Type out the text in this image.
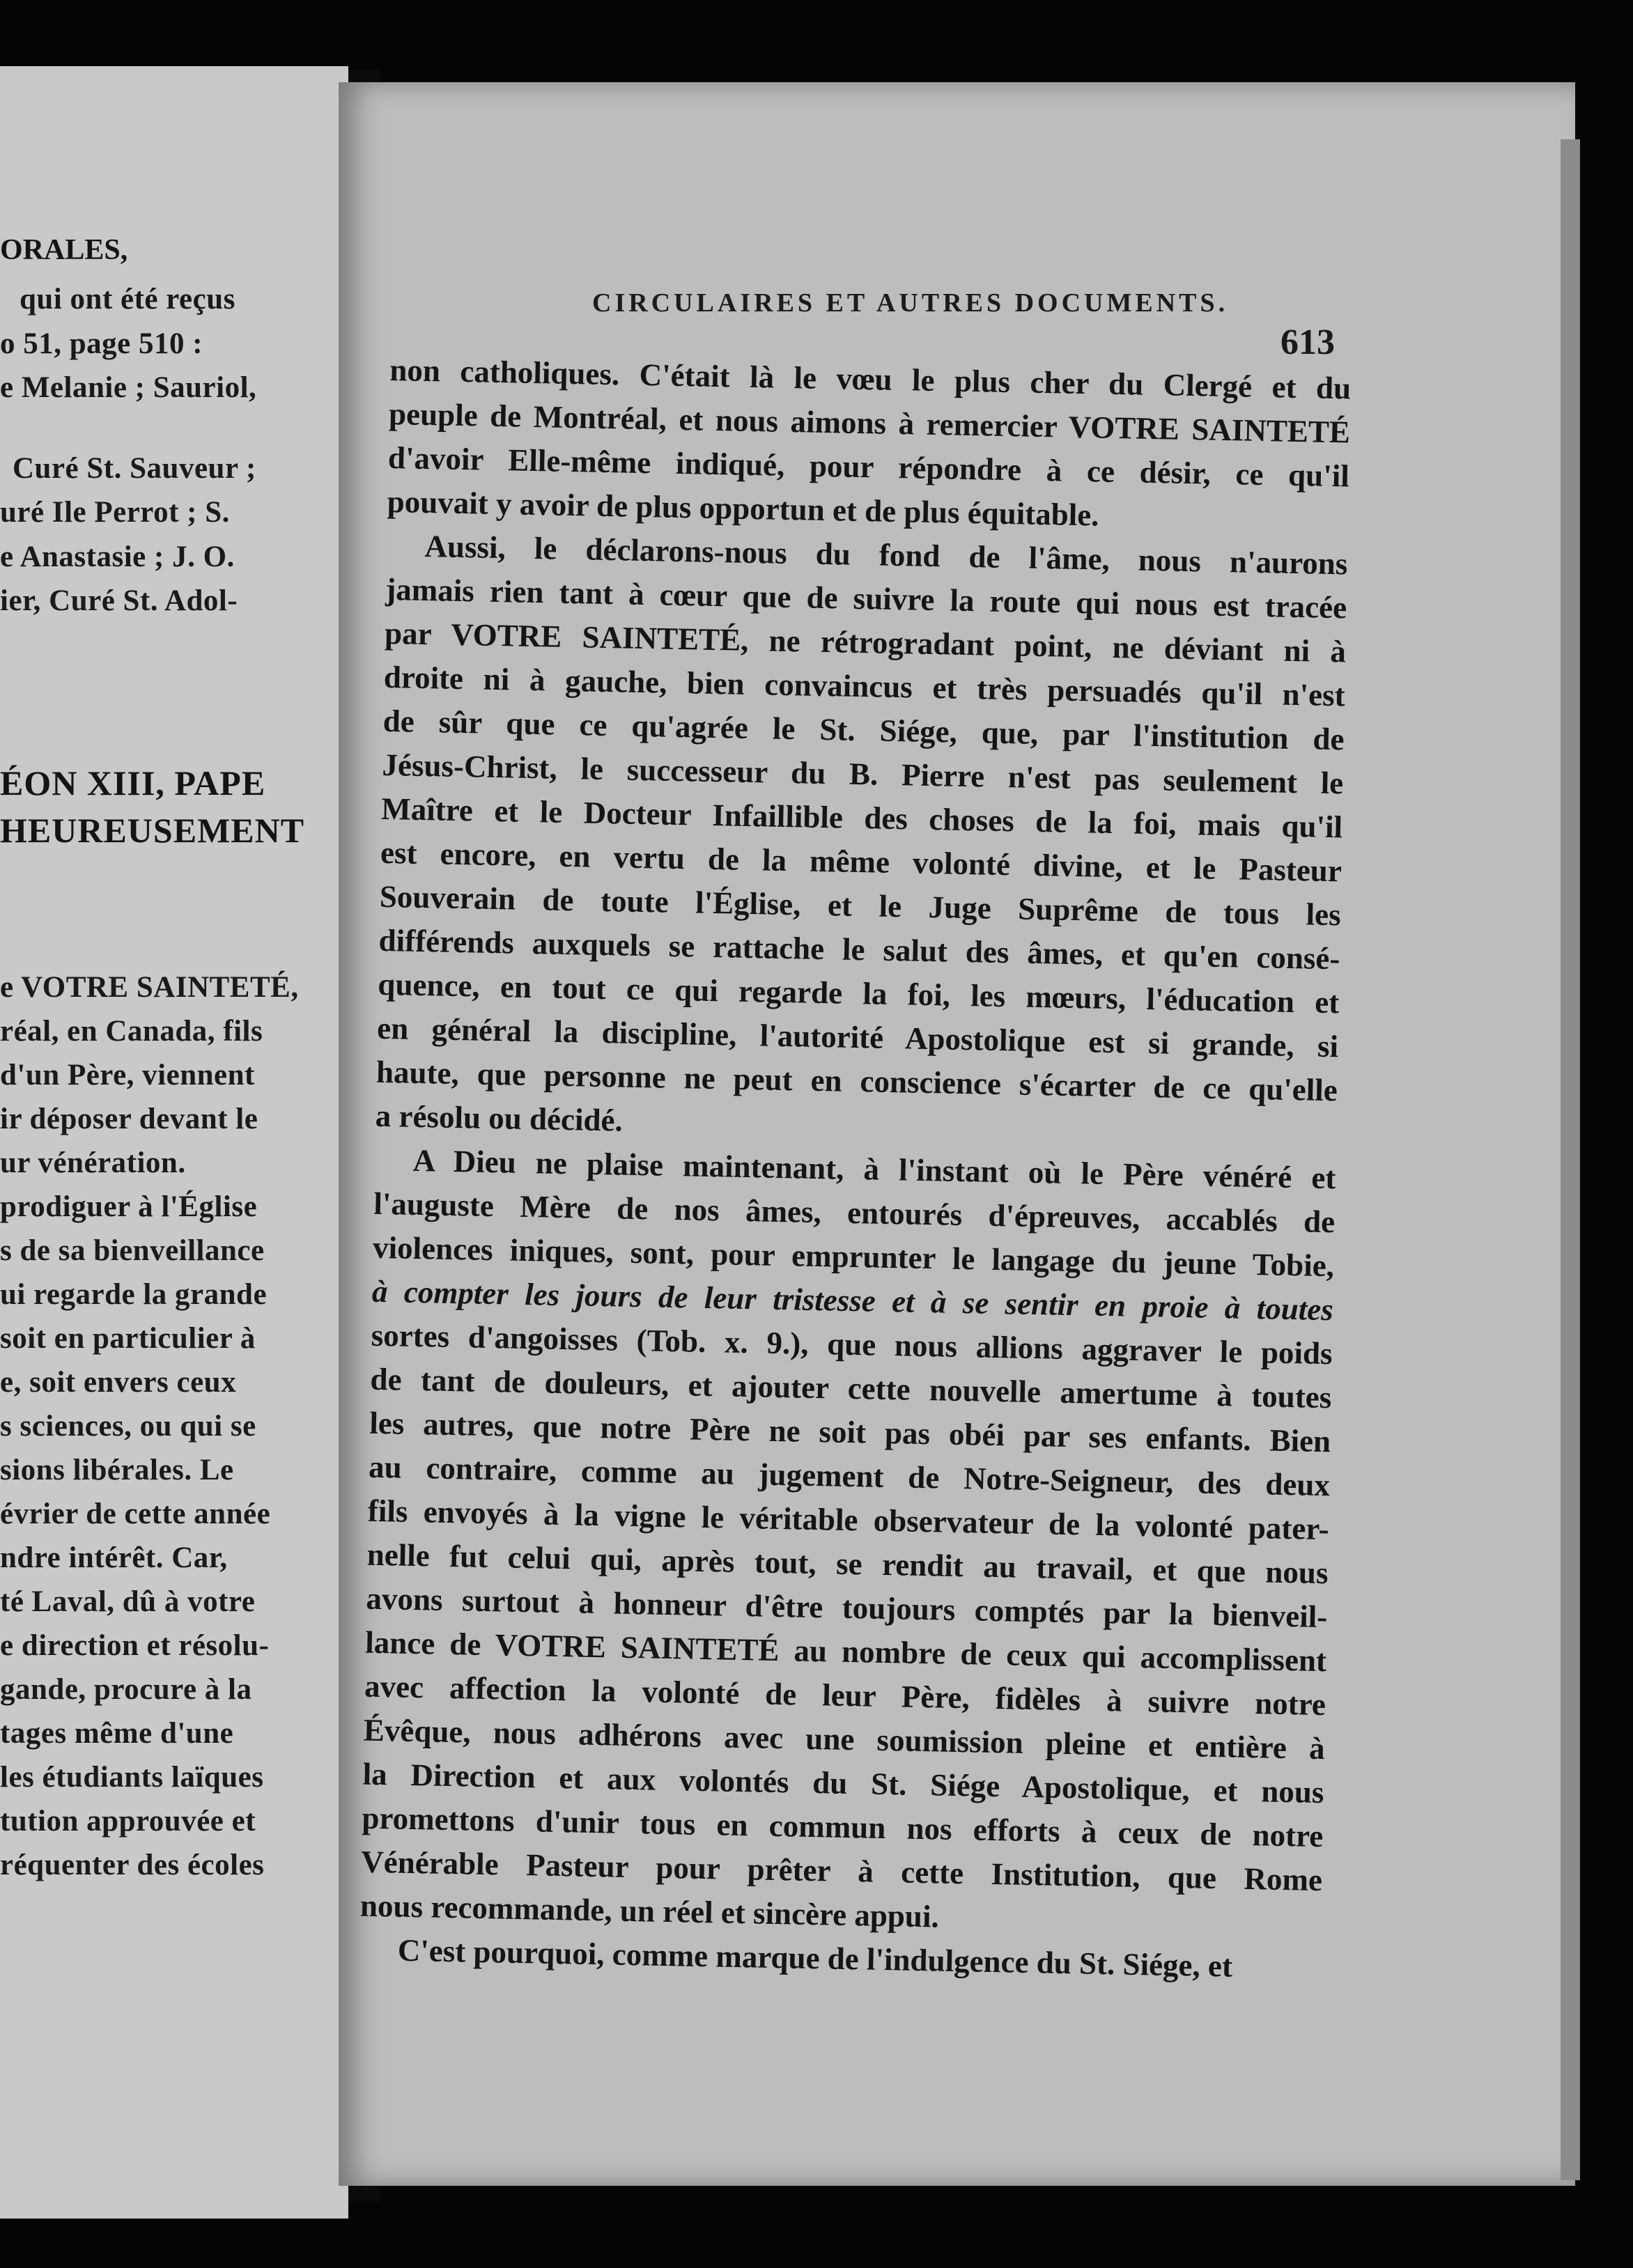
ORALES,
qui ont été reçus
o 51, page 510 :
e Melanie ; Sauriol,
Curé St. Sauveur ;
uré Ile Perrot ; S.
e Anastasie ; J. O.
ier, Curé St. Adol-
ÉON XIII, PAPE
HEUREUSEMENT
e VOTRE SAINTETÉ,
réal, en Canada, fils
d'un Père, viennent
ir déposer devant le
ur vénération.
prodiguer à l'Église
s de sa bienveillance
ui regarde la grande
soit en particulier à
e, soit envers ceux
s sciences, ou qui se
sions libérales. Le
évrier de cette année
ndre intérêt. Car,
té Laval, dû à votre
e direction et résolu-
gande, procure à la
tages même d'une
les étudiants laïques
tution approuvée et
réquenter des écoles
CIRCULAIRES ET AUTRES DOCUMENTS.
613
non catholiques. C'était là le vœu le plus cher du Clergé et du
peuple de Montréal, et nous aimons à remercier VOTRE SAINTETÉ
d'avoir Elle-même indiqué, pour répondre à ce désir, ce qu'il
pouvait y avoir de plus opportun et de plus équitable.
Aussi, le déclarons-nous du fond de l'âme, nous n'aurons
jamais rien tant à cœur que de suivre la route qui nous est tracée
par VOTRE SAINTETÉ, ne rétrogradant point, ne déviant ni à
droite ni à gauche, bien convaincus et très persuadés qu'il n'est
de sûr que ce qu'agrée le St. Siége, que, par l'institution de
Jésus-Christ, le successeur du B. Pierre n'est pas seulement le
Maître et le Docteur Infaillible des choses de la foi, mais qu'il
est encore, en vertu de la même volonté divine, et le Pasteur
Souverain de toute l'Église, et le Juge Suprême de tous les
différends auxquels se rattache le salut des âmes, et qu'en consé-
quence, en tout ce qui regarde la foi, les mœurs, l'éducation et
en général la discipline, l'autorité Apostolique est si grande, si
haute, que personne ne peut en conscience s'écarter de ce qu'elle
a résolu ou décidé.
A Dieu ne plaise maintenant, à l'instant où le Père vénéré et
l'auguste Mère de nos âmes, entourés d'épreuves, accablés de
violences iniques, sont, pour emprunter le langage du jeune Tobie,
à compter les jours de leur tristesse et à se sentir en proie à toutes
sortes d'angoisses (Tob. x. 9.), que nous allions aggraver le poids
de tant de douleurs, et ajouter cette nouvelle amertume à toutes
les autres, que notre Père ne soit pas obéi par ses enfants. Bien
au contraire, comme au jugement de Notre-Seigneur, des deux
fils envoyés à la vigne le véritable observateur de la volonté pater-
nelle fut celui qui, après tout, se rendit au travail, et que nous
avons surtout à honneur d'être toujours comptés par la bienveil-
lance de VOTRE SAINTETÉ au nombre de ceux qui accomplissent
avec affection la volonté de leur Père, fidèles à suivre notre
Évêque, nous adhérons avec une soumission pleine et entière à
la Direction et aux volontés du St. Siége Apostolique, et nous
promettons d'unir tous en commun nos efforts à ceux de notre
Vénérable Pasteur pour prêter à cette Institution, que Rome
nous recommande, un réel et sincère appui.
C'est pourquoi, comme marque de l'indulgence du St. Siége, et
